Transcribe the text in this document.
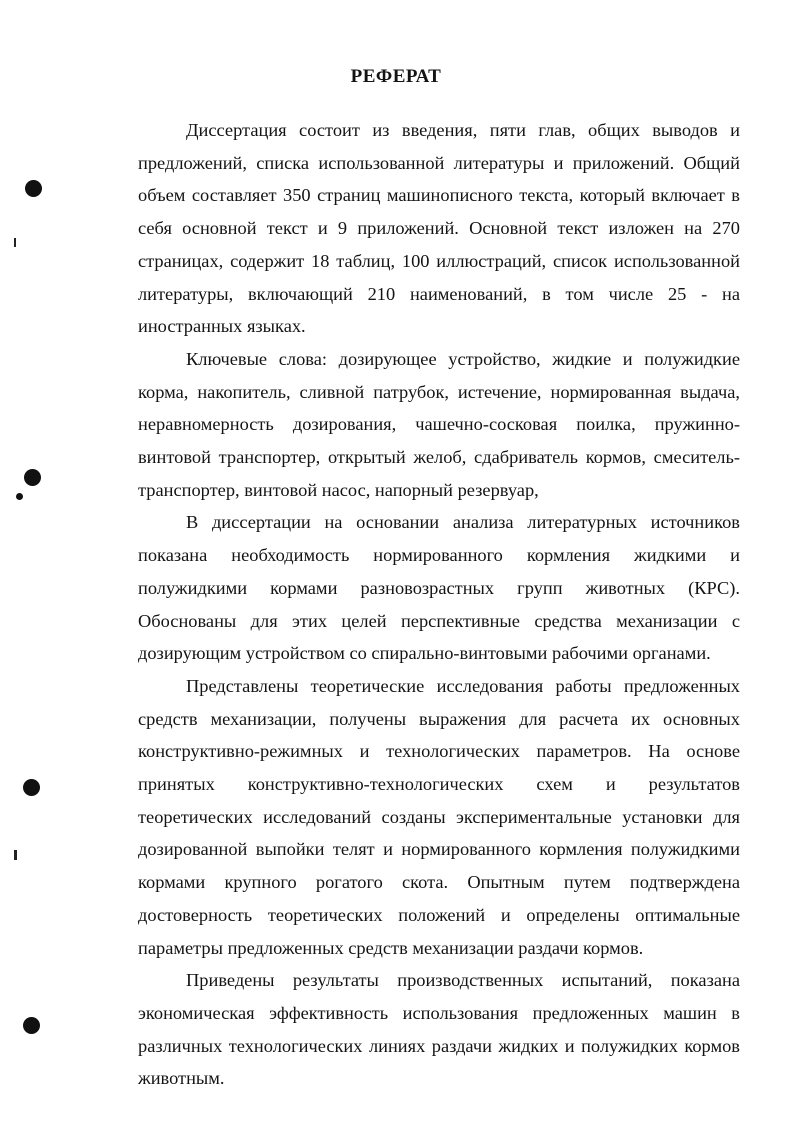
РЕФЕРАТ

Диссертация состоит из введения, пяти глав, общих выводов и предложений, списка использованной литературы и приложений. Общий объем составляет 350 страниц машинописного текста, который включает в себя основной текст и 9 приложений. Основной текст изложен на 270 страницах, содержит 18 таблиц, 100 иллюстраций, список использованной литературы, включающий 210 наименований, в том числе 25 - на иностранных языках.

Ключевые слова: дозирующее устройство, жидкие и полужидкие корма, накопитель, сливной патрубок, истечение, нормированная выдача, неравномерность дозирования, чашечно-сосковая поилка, пружинно-винтовой транспортер, открытый желоб, сдабриватель кормов, смеситель-транспортер, винтовой насос, напорный резервуар,

В диссертации на основании анализа литературных источников показана необходимость нормированного кормления жидкими и полужидкими кормами разновозрастных групп животных (КРС). Обоснованы для этих целей перспективные средства механизации с дозирующим устройством со спирально-винтовыми рабочими органами.

Представлены теоретические исследования работы предложенных средств механизации, получены выражения для расчета их основных конструктивно-режимных и технологических параметров. На основе принятых конструктивно-технологических схем и результатов теоретических исследований созданы экспериментальные установки для дозированной выпойки телят и нормированного кормления полужидкими кормами крупного рогатого скота. Опытным путем подтверждена достоверность теоретических положений и определены оптимальные параметры предложенных средств механизации раздачи кормов.

Приведены результаты производственных испытаний, показана экономическая эффективность использования предложенных машин в различных технологических линиях раздачи жидких и полужидких кормов животным.
